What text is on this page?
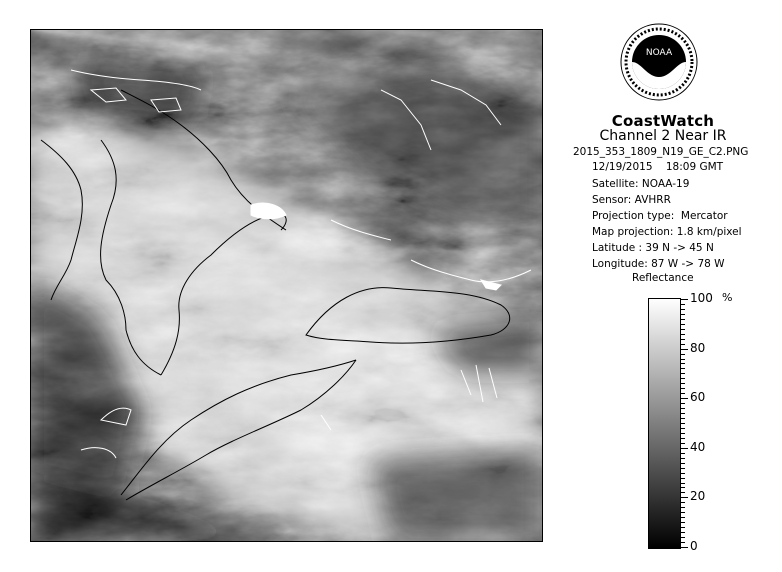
NOAA
CoastWatch
Channel 2 Near IR
2015_353_1809_N19_GE_C2.PNG
12/19/2015    18:09 GMT
Satellite: NOAA-19
Sensor: AVHRR
Projection type:  Mercator
Map projection: 1.8 km/pixel
Latitude : 39 N -> 45 N
Longitude: 87 W -> 78 W
Reflectance
%
100
80
60
40
20
0
